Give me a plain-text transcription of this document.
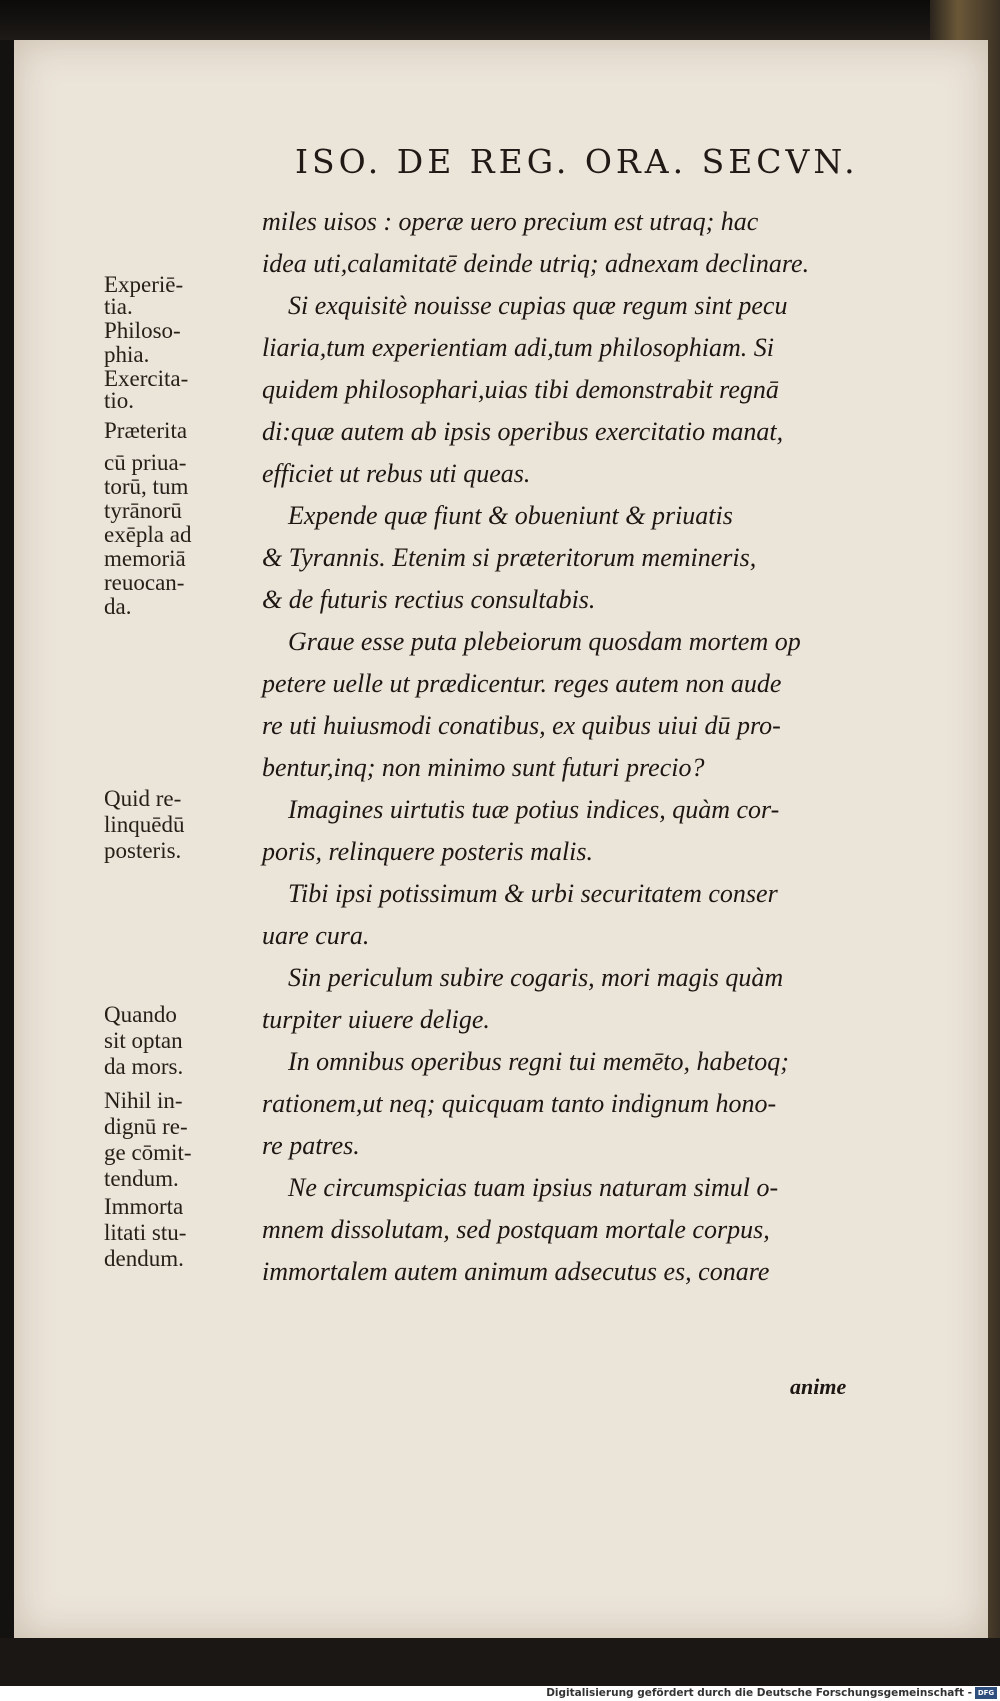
ISO. DE REG. ORA. SECVN.
miles uisos : operæ uero precium est utraq; hac
idea uti,calamitatē deinde utriq; adnexam declinare.
Si exquisitè nouisse cupias quæ regum sint pecu
liaria,tum experientiam adi,tum philosophiam. Si
quidem philosophari,uias tibi demonstrabit regnā
di:quæ autem ab ipsis operibus exercitatio manat,
efficiet ut rebus uti queas.
Expende quæ fiunt & obueniunt & priuatis
& Tyrannis. Etenim si præteritorum memineris,
& de futuris rectius consultabis.
Graue esse puta plebeiorum quosdam mortem op
petere uelle ut prædicentur. reges autem non aude
re uti huiusmodi conatibus, ex quibus uiui dū pro-
bentur,inq; non minimo sunt futuri precio?
Imagines uirtutis tuæ potius indices, quàm cor-
poris, relinquere posteris malis.
Tibi ipsi potissimum & urbi securitatem conser
uare cura.
Sin periculum subire cogaris, mori magis quàm
turpiter uiuere delige.
In omnibus operibus regni tui memēto, habetoq;
rationem,ut neq; quicquam tanto indignum hono-
re patres.
Ne circumspicias tuam ipsius naturam simul o-
mnem dissolutam, sed postquam mortale corpus,
immortalem autem animum adsecutus es, conare
anime
Experiē-
tia.
Philoso-
phia.
Exercita-
tio.
Præterita
cū priua-
torū, tum
tyrānorū
exēpla ad
memoriā
reuocan-
da.
Quid re-
linquēdū
posteris.
Quando
sit optan
da mors.
Nihil in-
dignū re-
ge cōmit-
tendum.
Immorta
litati stu-
dendum.
Digitalisierung gefördert durch die Deutsche Forschungsgemeinschaft - DFG
